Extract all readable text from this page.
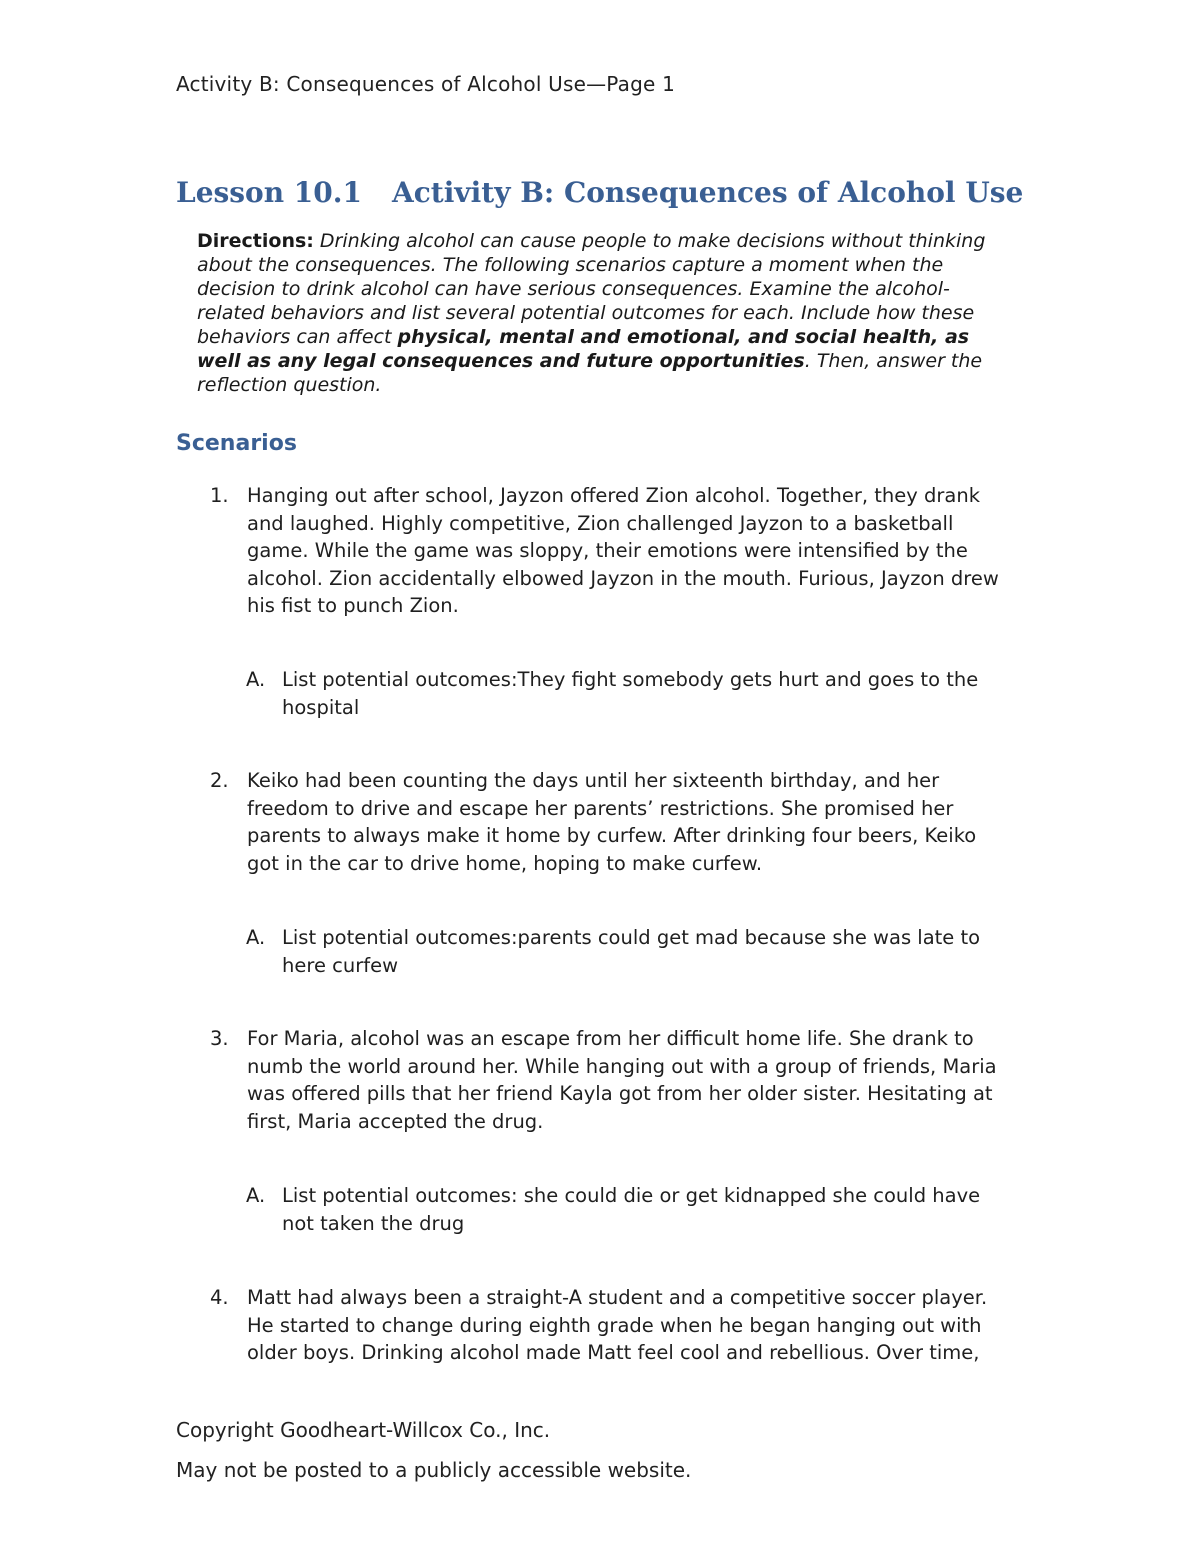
Activity B: Consequences of Alcohol Use—Page 1
Lesson 10.1 Activity B: Consequences of Alcohol Use

Directions: Drinking alcohol can cause people to make decisions without thinking about the consequences. The following scenarios capture a moment when the decision to drink alcohol can have serious consequences. Examine the alcohol-related behaviors and list several potential outcomes for each. Include how these behaviors can affect physical, mental and emotional, and social health, as well as any legal consequences and future opportunities. Then, answer the reflection question.

Scenarios
1. Hanging out after school, Jayzon offered Zion alcohol. Together, they drank and laughed. Highly competitive, Zion challenged Jayzon to a basketball game. While the game was sloppy, their emotions were intensified by the alcohol. Zion accidentally elbowed Jayzon in the mouth. Furious, Jayzon drew his fist to punch Zion.
A. List potential outcomes:They fight somebody gets hurt and goes to the hospital
2. Keiko had been counting the days until her sixteenth birthday, and her freedom to drive and escape her parents’ restrictions. She promised her parents to always make it home by curfew. After drinking four beers, Keiko got in the car to drive home, hoping to make curfew.
A. List potential outcomes:parents could get mad because she was late to here curfew
3. For Maria, alcohol was an escape from her difficult home life. She drank to numb the world around her. While hanging out with a group of friends, Maria was offered pills that her friend Kayla got from her older sister. Hesitating at first, Maria accepted the drug.
A. List potential outcomes: she could die or get kidnapped she could have not taken the drug
4. Matt had always been a straight-A student and a competitive soccer player. He started to change during eighth grade when he began hanging out with older boys. Drinking alcohol made Matt feel cool and rebellious. Over time,
Copyright Goodheart-Willcox Co., Inc.
May not be posted to a publicly accessible website.
